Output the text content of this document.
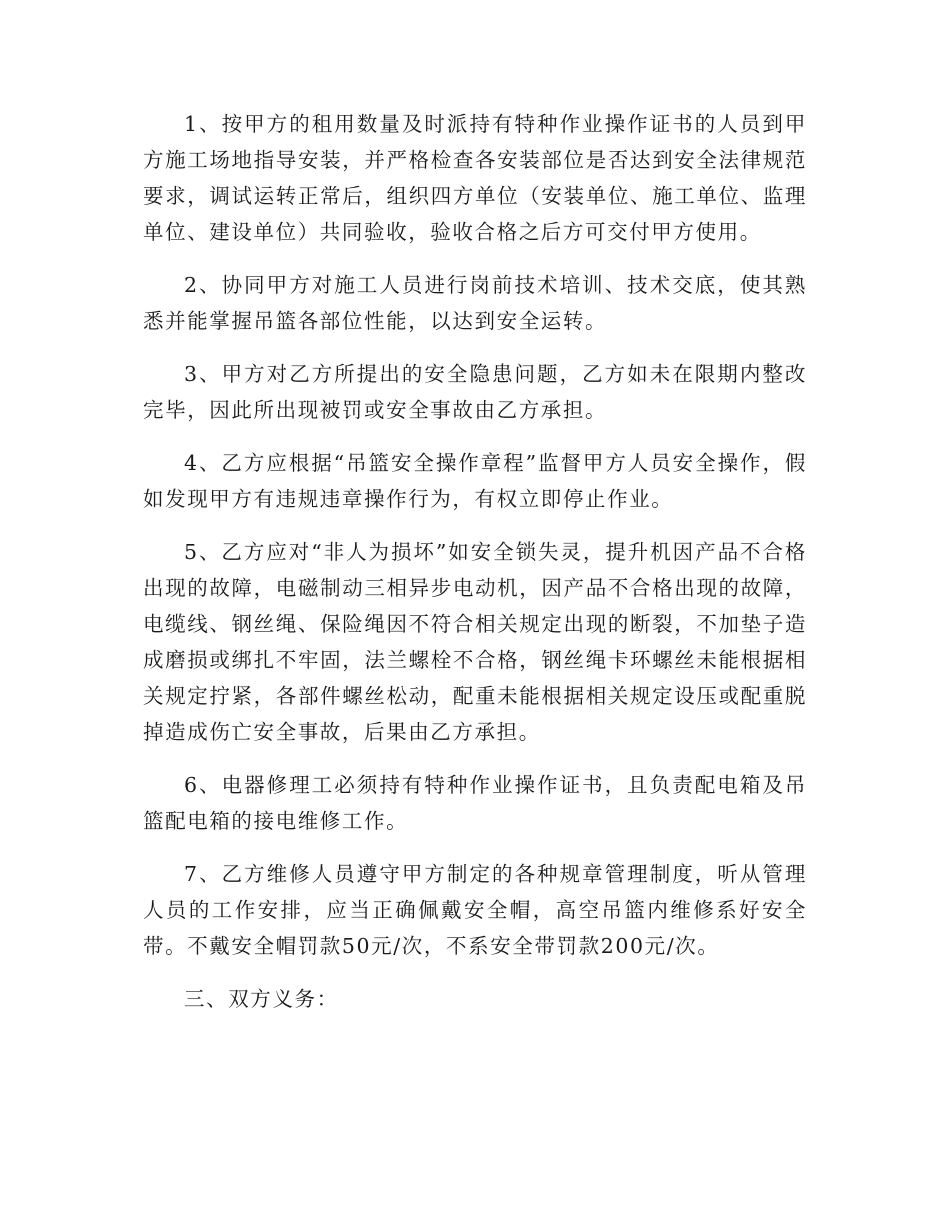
1、按甲方的租用数量及时派持有特种作业操作证书的人员到甲方施工场地指导安装，并严格检查各安装部位是否达到安全法律规范要求，调试运转正常后，组织四方单位（安装单位、施工单位、监理单位、建设单位）共同验收，验收合格之后方可交付甲方使用。

2、协同甲方对施工人员进行岗前技术培训、技术交底，使其熟悉并能掌握吊篮各部位性能，以达到安全运转。

3、甲方对乙方所提出的安全隐患问题，乙方如未在限期内整改完毕，因此所出现被罚或安全事故由乙方承担。

4、乙方应根据“吊篮安全操作章程”监督甲方人员安全操作，假如发现甲方有违规违章操作行为，有权立即停止作业。

5、乙方应对“非人为损坏”如安全锁失灵，提升机因产品不合格出现的故障，电磁制动三相异步电动机，因产品不合格出现的故障，电缆线、钢丝绳、保险绳因不符合相关规定出现的断裂，不加垫子造成磨损或绑扎不牢固，法兰螺栓不合格，钢丝绳卡环螺丝未能根据相关规定拧紧，各部件螺丝松动，配重未能根据相关规定设压或配重脱掉造成伤亡安全事故，后果由乙方承担。

6、电器修理工必须持有特种作业操作证书，且负责配电箱及吊篮配电箱的接电维修工作。

7、乙方维修人员遵守甲方制定的各种规章管理制度，听从管理人员的工作安排，应当正确佩戴安全帽，高空吊篮内维修系好安全带。不戴安全帽罚款50元/次，不系安全带罚款200元/次。

三、双方义务：
